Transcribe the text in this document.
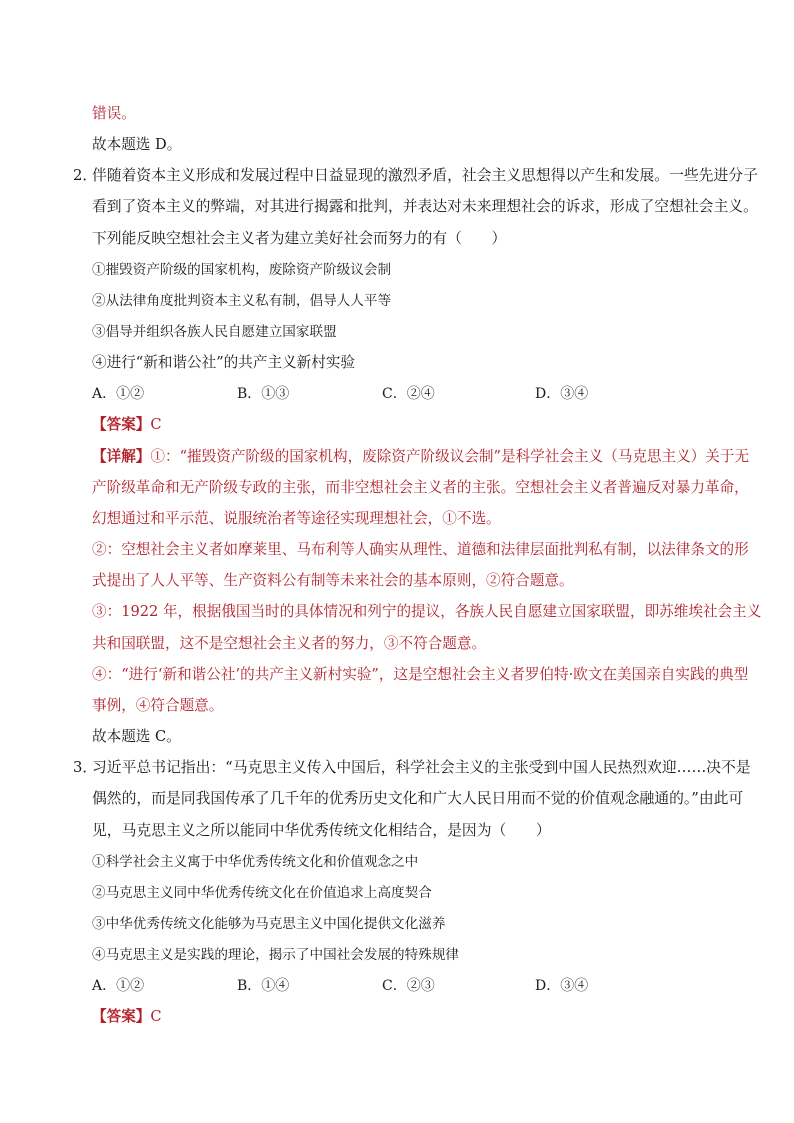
错误。
故本题选 D。
2．
伴随着资本主义形成和发展过程中日益显现的激烈矛盾，社会主义思想得以产生和发展。一些先进分子
看到了资本主义的弊端，对其进行揭露和批判，并表达对未来理想社会的诉求，形成了空想社会主义。
下列能反映空想社会主义者为建立美好社会而努力的有（　　）
①摧毁资产阶级的国家机构，废除资产阶级议会制
②从法律角度批判资本主义私有制，倡导人人平等
③倡导并组织各族人民自愿建立国家联盟
④进行“新和谐公社”的共产主义新村实验
A．①②	B．①③	C．②④	D．③④
【答案】C
【详解】①：“摧毁资产阶级的国家机构，废除资产阶级议会制”是科学社会主义（马克思主义）关于无
产阶级革命和无产阶级专政的主张，而非空想社会主义者的主张。空想社会主义者普遍反对暴力革命，
幻想通过和平示范、说服统治者等途径实现理想社会，①不选。
②：空想社会主义者如摩莱里、马布利等人确实从理性、道德和法律层面批判私有制，以法律条文的形
式提出了人人平等、生产资料公有制等未来社会的基本原则，②符合题意。
③：1922 年，根据俄国当时的具体情况和列宁的提议，各族人民自愿建立国家联盟，即苏维埃社会主义
共和国联盟，这不是空想社会主义者的努力，③不符合题意。
④：“进行‘新和谐公社’的共产主义新村实验”，这是空想社会主义者罗伯特·欧文在美国亲自实践的典型
事例，④符合题意。
故本题选 C。
3．
习近平总书记指出：“马克思主义传入中国后，科学社会主义的主张受到中国人民热烈欢迎……决不是
偶然的，而是同我国传承了几千年的优秀历史文化和广大人民日用而不觉的价值观念融通的。”由此可
见，马克思主义之所以能同中华优秀传统文化相结合，是因为（　　）
①科学社会主义寓于中华优秀传统文化和价值观念之中
②马克思主义同中华优秀传统文化在价值追求上高度契合
③中华优秀传统文化能够为马克思主义中国化提供文化滋养
④马克思主义是实践的理论，揭示了中国社会发展的特殊规律
A．①②	B．①④	C．②③	D．③④
【答案】C
